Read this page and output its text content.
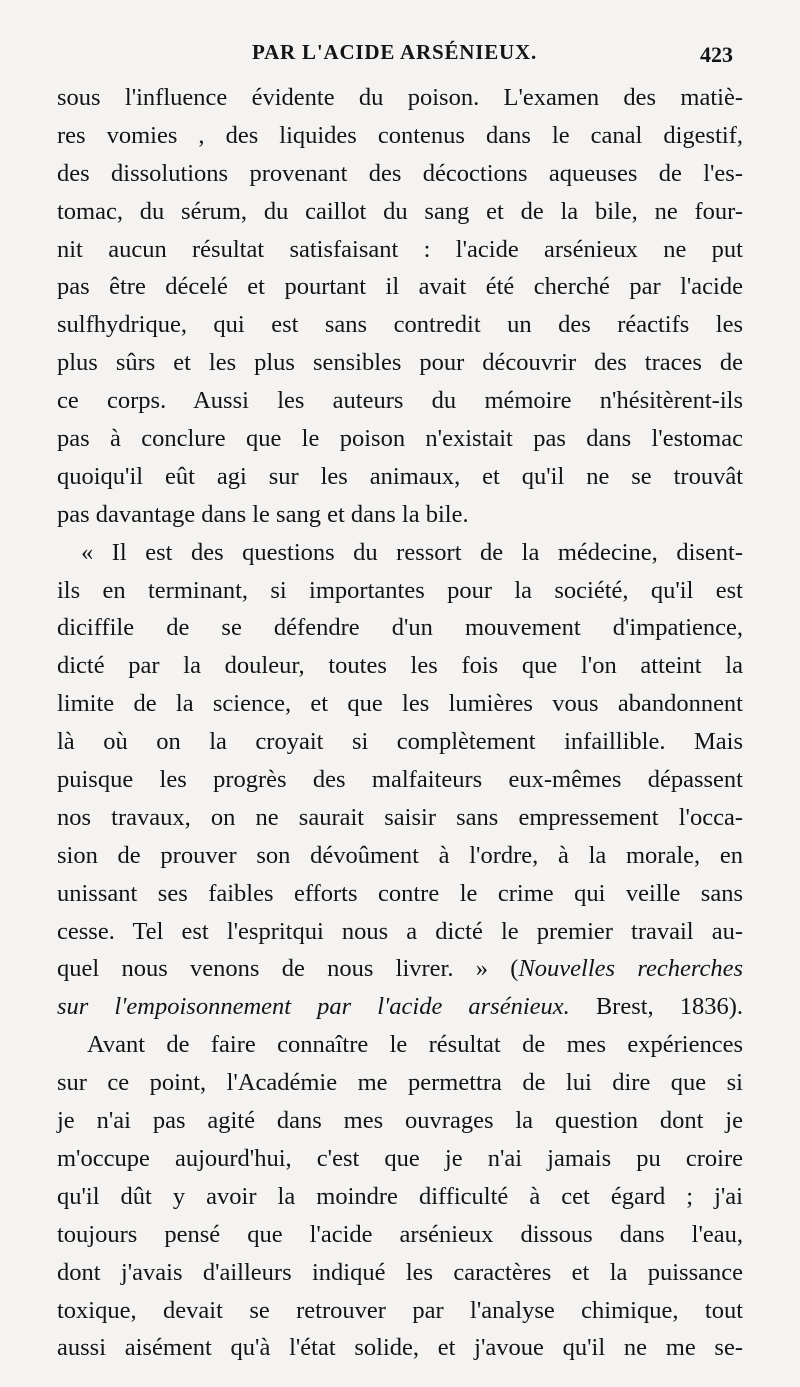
PAR L'ACIDE ARSÉNIEUX.	423
sous l'influence évidente du poison. L'examen des matiè-
res vomies , des liquides contenus dans le canal digestif,
des dissolutions provenant des décoctions aqueuses de l'es-
tomac, du sérum, du caillot du sang et de la bile, ne four-
nit aucun résultat satisfaisant : l'acide arsénieux ne put
pas être décelé et pourtant il avait été cherché par l'acide
sulfhydrique, qui est sans contredit un des réactifs les
plus sûrs et les plus sensibles pour découvrir des traces de
ce corps. Aussi les auteurs du mémoire n'hésitèrent-ils
pas à conclure que le poison n'existait pas dans l'estomac
quoiqu'il eût agi sur les animaux, et qu'il ne se trouvât
pas davantage dans le sang et dans la bile.
« Il est des questions du ressort de la médecine, disent-
ils en terminant, si importantes pour la société, qu'il est
diciffile de se défendre d'un mouvement d'impatience,
dicté par la douleur, toutes les fois que l'on atteint la
limite de la science, et que les lumières vous abandonnent
là où on la croyait si complètement infaillible. Mais
puisque les progrès des malfaiteurs eux-mêmes dépassent
nos travaux, on ne saurait saisir sans empressement l'occa-
sion de prouver son dévoûment à l'ordre, à la morale, en
unissant ses faibles efforts contre le crime qui veille sans
cesse. Tel est l'espritqui nous a dicté le premier travail au-
quel nous venons de nous livrer. » (Nouvelles recherches
sur l'empoisonnement par l'acide arsénieux. Brest, 1836).
Avant de faire connaître le résultat de mes expériences
sur ce point, l'Académie me permettra de lui dire que si
je n'ai pas agité dans mes ouvrages la question dont je
m'occupe aujourd'hui, c'est que je n'ai jamais pu croire
qu'il dût y avoir la moindre difficulté à cet égard ; j'ai
toujours pensé que l'acide arsénieux dissous dans l'eau,
dont j'avais d'ailleurs indiqué les caractères et la puissance
toxique, devait se retrouver par l'analyse chimique, tout
aussi aisément qu'à l'état solide, et j'avoue qu'il ne me se-
